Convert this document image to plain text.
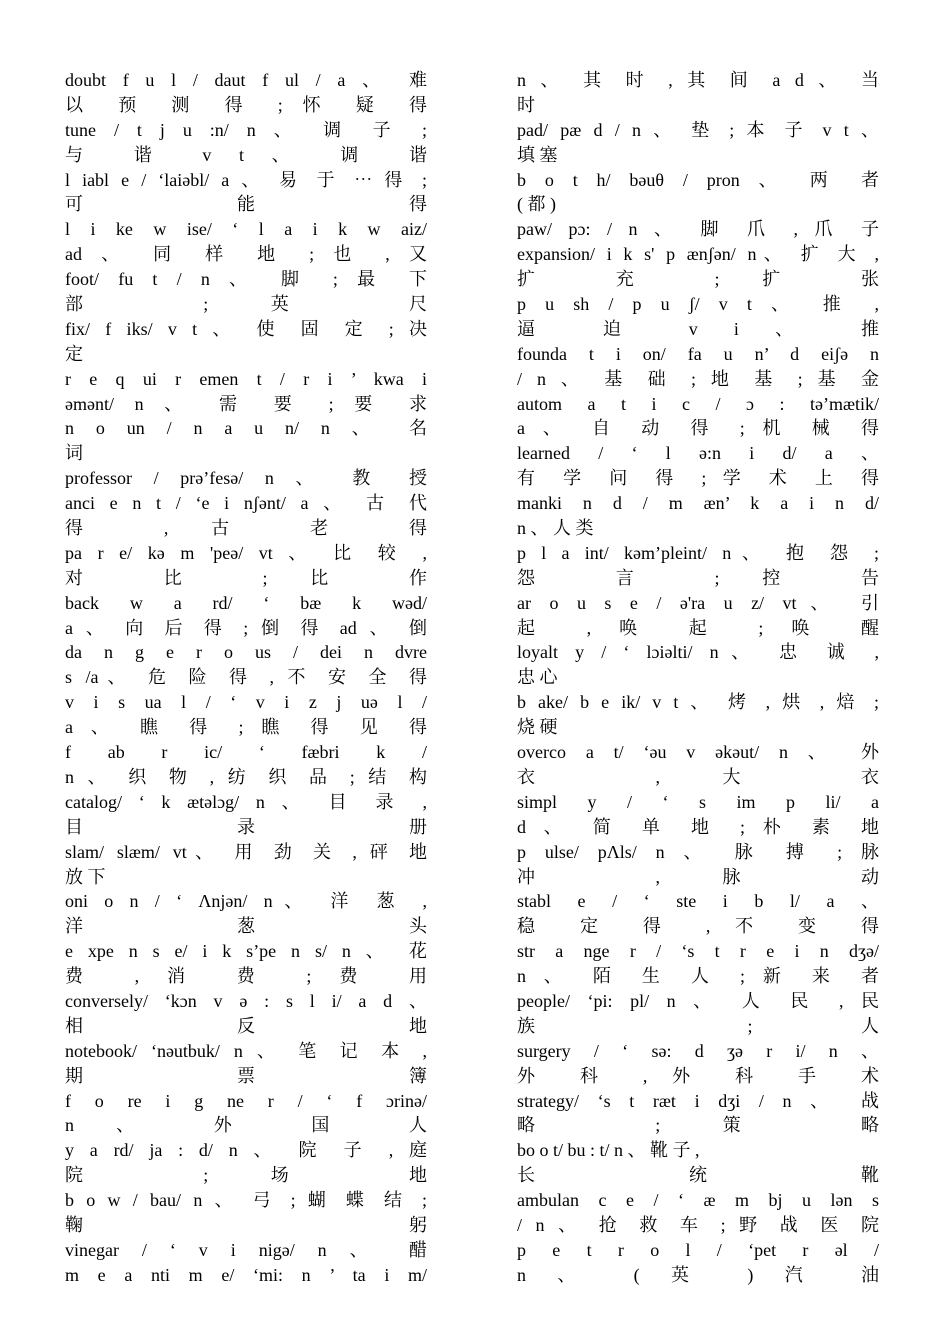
doubt f u l / daut f ul / a 、 难
以 预 测 得 ; 怀 疑 得
tune / t j u :n/ n 、 调 子 ;
与 谐 v t 、 调 谐
l iabl e / ‘laiəbl/ a 、 易 于 ⋯ 得 ;
可 能 得
l i ke w ise/ ‘ l a i k w aiz/
ad 、 同 样 地 ; 也 , 又
foot/ fu t / n 、 脚 ; 最 下
部 ; 英 尺
fix/ f iks/ v t 、 使 固 定 ; 决
定
r e q ui r emen t / r i ’ kwa i
əmənt/ n 、 需 要 ; 要 求
n o un / n a u n/ n 、 名
词
professor / prə’fesə/ n 、 教 授
anci e n t / ‘e i nʃənt/ a 、 古 代
得 , 古 老 得
pa r e/ kə m 'peə/ vt 、 比 较 ,
对 比 ; 比 作
back w a rd/ ‘ bæ k wəd/
a 、 向 后 得 ; 倒 得 ad 、 倒
da n g e r o us / dei n dvre
s /a、 危 险 得 , 不 安 全 得
v i s ua l / ‘ v i z j uə l /
a 、 瞧 得 ; 瞧 得 见 得
f ab r ic/ ‘ fæbri k /
n 、 织 物 , 纺 织 品 ; 结 构
catalog/ ‘ k ætəlɔg/ n 、 目 录 ,
目 录 册
slam/ slæm/ vt、 用 劲 关 , 砰 地
放 下
oni o n / ‘ Λnjən/ n、 洋 葱 ,
洋 葱 头
e xpe n s e/ i k s’pe n s/ n 、 花
费 , 消 费 ; 费 用
conversely/ ‘kɔn v ə : s l i/ a d 、
相 反 地
notebook/ ‘nəutbuk/ n 、 笔 记 本 ,
期 票 簿
f o re i g ne r / ‘ f ɔrinə/
n 、 外 国 人
y a rd/ ja : d/ n 、 院 子 , 庭
院 ; 场 地
b o w / bau/ n 、 弓 ; 蝴 蝶 结 ;
鞠 躬
vinegar / ‘ v i nigə/ n 、 醋
m e a nti m e/ ‘mi: n ’ ta i m/
n 、 其 时 , 其 间 a d 、 当
时
pad/ pæ d / n 、 垫 ; 本 子 v t 、
填 塞
b o t h/ bəuθ / pron 、 两 者
( 都 )
paw/ pɔ: / n 、 脚 爪 , 爪 子
expansion/ i k s' p ænʃən/ n、 扩 大 ,
扩 充 ; 扩 张
p u sh / p u ʃ/ v t 、 推 ,
逼 迫 v i 、 推
founda t i on/ fa u n’ d eiʃə n
/ n 、 基 础 ; 地 基 ; 基 金
autom a t i c / ɔ : tə’mætik/
a 、 自 动 得 ; 机 械 得
learned / ‘ l ə:n i d/ a 、
有 学 问 得 ; 学 术 上 得
manki n d / m æn’ k a i n d/
n 、 人 类
p l a int/ kəm’pleint/ n、 抱 怨 ;
怨 言 ; 控 告
ar o u s e / ə'ra u z/ vt、 引
起 , 唤 起 ; 唤 醒
loyalt y / ‘ lɔiəlti/ n、 忠 诚 ,
忠 心
b ake/ b e ik/ v t 、 烤 , 烘 , 焙 ;
烧 硬
overco a t/ ‘əu v əkəut/ n 、 外
衣 , 大 衣
simpl y / ‘ s im p li/ a
d 、 简 单 地 ; 朴 素 地
p ulse/ pΛls/ n 、 脉 搏 ; 脉
冲 , 脉 动
stabl e / ‘ ste i b l/ a 、
稳 定 得 , 不 变 得
str a nge r / ‘s t r e i n dʒə/
n 、 陌 生 人 ; 新 来 者
people/ ‘pi: pl/ n 、 人 民 , 民
族 ; 人
surgery / ‘ sə: d ʒə r i/ n 、
外 科 , 外 科 手 术
strategy/ ‘s t ræt i dʒi / n 、 战
略 ; 策 略
bo o t/ bu : t/ n 、 靴 子 ,
长 统 靴
ambulan c e / ‘ æ m bj u lən s
/ n 、 抢 救 车 ; 野 战 医 院
p e t r o l / ‘pet r əl /
n 、 ( 英 ) 汽 油
